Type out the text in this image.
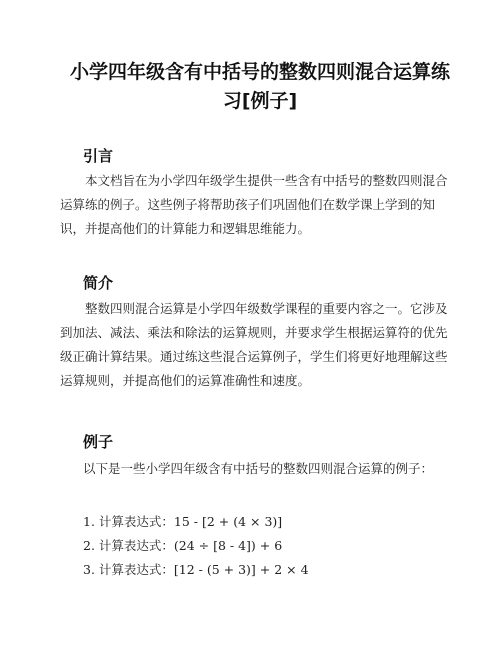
小学四年级含有中括号的整数四则混合运算练习[例子]
引言

本文档旨在为小学四年级学生提供一些含有中括号的整数四则混合运算练的例子。这些例子将帮助孩子们巩固他们在数学课上学到的知识，并提高他们的计算能力和逻辑思维能力。

简介

整数四则混合运算是小学四年级数学课程的重要内容之一。它涉及到加法、减法、乘法和除法的运算规则，并要求学生根据运算符的优先级正确计算结果。通过练这些混合运算例子，学生们将更好地理解这些运算规则，并提高他们的运算准确性和速度。

例子

以下是一些小学四年级含有中括号的整数四则混合运算的例子：

1. 计算表达式：15 - [2 + (4 × 3)]
2. 计算表达式：(24 ÷ [8 - 4]) + 6
3. 计算表达式：[12 - (5 + 3)] + 2 × 4
